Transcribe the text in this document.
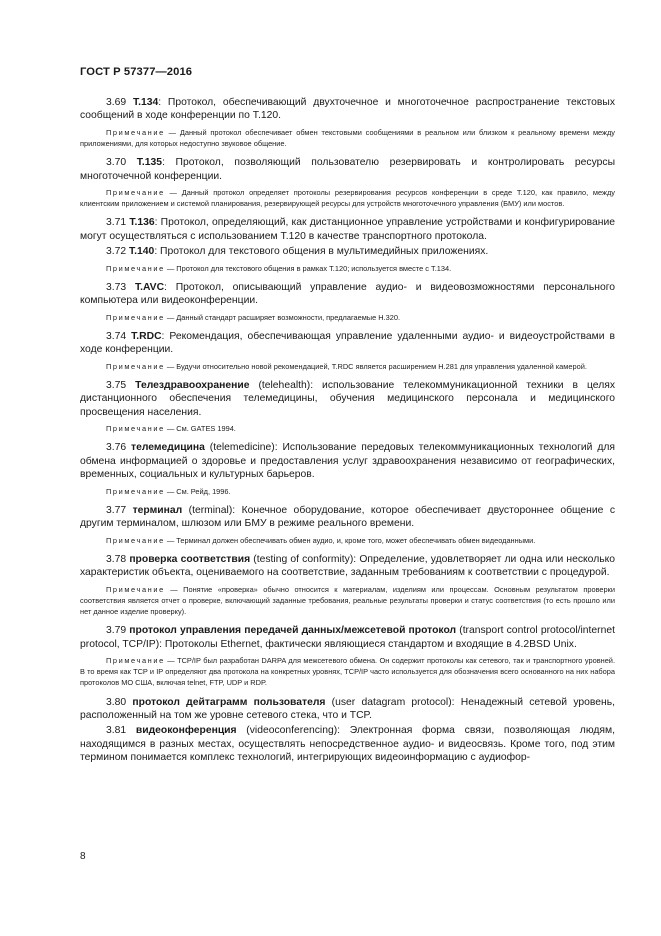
ГОСТ Р 57377—2016

3.69 Т.134: Протокол, обеспечивающий двухточечное и многоточечное распространение текстовых сообщений в ходе конференции по Т.120.

Примечание — Данный протокол обеспечивает обмен текстовыми сообщениями в реальном или близком к реальному времени между приложениями, для которых недоступно звуковое общение.

3.70 Т.135: Протокол, позволяющий пользователю резервировать и контролировать ресурсы многоточечной конференции.

Примечание — Данный протокол определяет протоколы резервирования ресурсов конференции в среде Т.120, как правило, между клиентским приложением и системой планирования, резервирующей ресурсы для устройств многоточечного управления (БМУ) или мостов.

3.71 Т.136: Протокол, определяющий, как дистанционное управление устройствами и конфигурирование могут осуществляться с использованием Т.120 в качестве транспортного протокола.

3.72 Т.140: Протокол для текстового общения в мультимедийных приложениях.

Примечание — Протокол для текстового общения в рамках Т.120; используется вместе с Т.134.

3.73 Т.AVC: Протокол, описывающий управление аудио- и видеовозможностями персонального компьютера или видеоконференции.

Примечание — Данный стандарт расширяет возможности, предлагаемые Н.320.

3.74 Т.RDC: Рекомендация, обеспечивающая управление удаленными аудио- и видеоустройствами в ходе конференции.

Примечание — Будучи относительно новой рекомендацией, T.RDC является расширением Н.281 для управления удаленной камерой.

3.75 Телездравоохранение (telehealth): использование телекоммуникационной техники в целях дистанционного обеспечения телемедицины, обучения медицинского персонала и медицинского просвещения населения.

Примечание — См. GATES 1994.

3.76 телемедицина (telemedicine): Использование передовых телекоммуникационных технологий для обмена информацией о здоровье и предоставления услуг здравоохранения независимо от географических, временных, социальных и культурных барьеров.

Примечание — См. Рейд, 1996.

3.77 терминал (terminal): Конечное оборудование, которое обеспечивает двустороннее общение с другим терминалом, шлюзом или БМУ в режиме реального времени.

Примечание — Терминал должен обеспечивать обмен аудио, и, кроме того, может обеспечивать обмен видеоданными.

3.78 проверка соответствия (testing of conformity): Определение, удовлетворяет ли одна или несколько характеристик объекта, оцениваемого на соответствие, заданным требованиям к соответствии с процедурой.

Примечание — Понятие «проверка» обычно относится к материалам, изделиям или процессам. Основным результатом проверки соответствия является отчет о проверке, включающий заданные требования, реальные результаты проверки и статус соответствия (то есть прошло или нет данное изделие проверку).

3.79 протокол управления передачей данных/межсетевой протокол (transport control protocol/internet protocol, TCP/IP): Протоколы Ethernet, фактически являющиеся стандартом и входящие в 4.2BSD Unix.

Примечание — TCP/IP был разработан DARPA для межсетевого обмена. Он содержит протоколы как сетевого, так и транспортного уровней. В то время как TCP и IP определяют два протокола на конкретных уровнях, TCP/IP часто используется для обозначения всего основанного на них набора протоколов МО США, включая telnet, FTP, UDP и RDP.

3.80 протокол дейтаграмм пользователя (user datagram protocol): Ненадежный сетевой уровень, расположенный на том же уровне сетевого стека, что и TCP.

3.81 видеоконференция (videoconferencing): Электронная форма связи, позволяющая людям, находящимся в разных местах, осуществлять непосредственное аудио- и видеосвязь. Кроме того, под этим термином понимается комплекс технологий, интегрирующих видеоинформацию с аудиофор-

8
